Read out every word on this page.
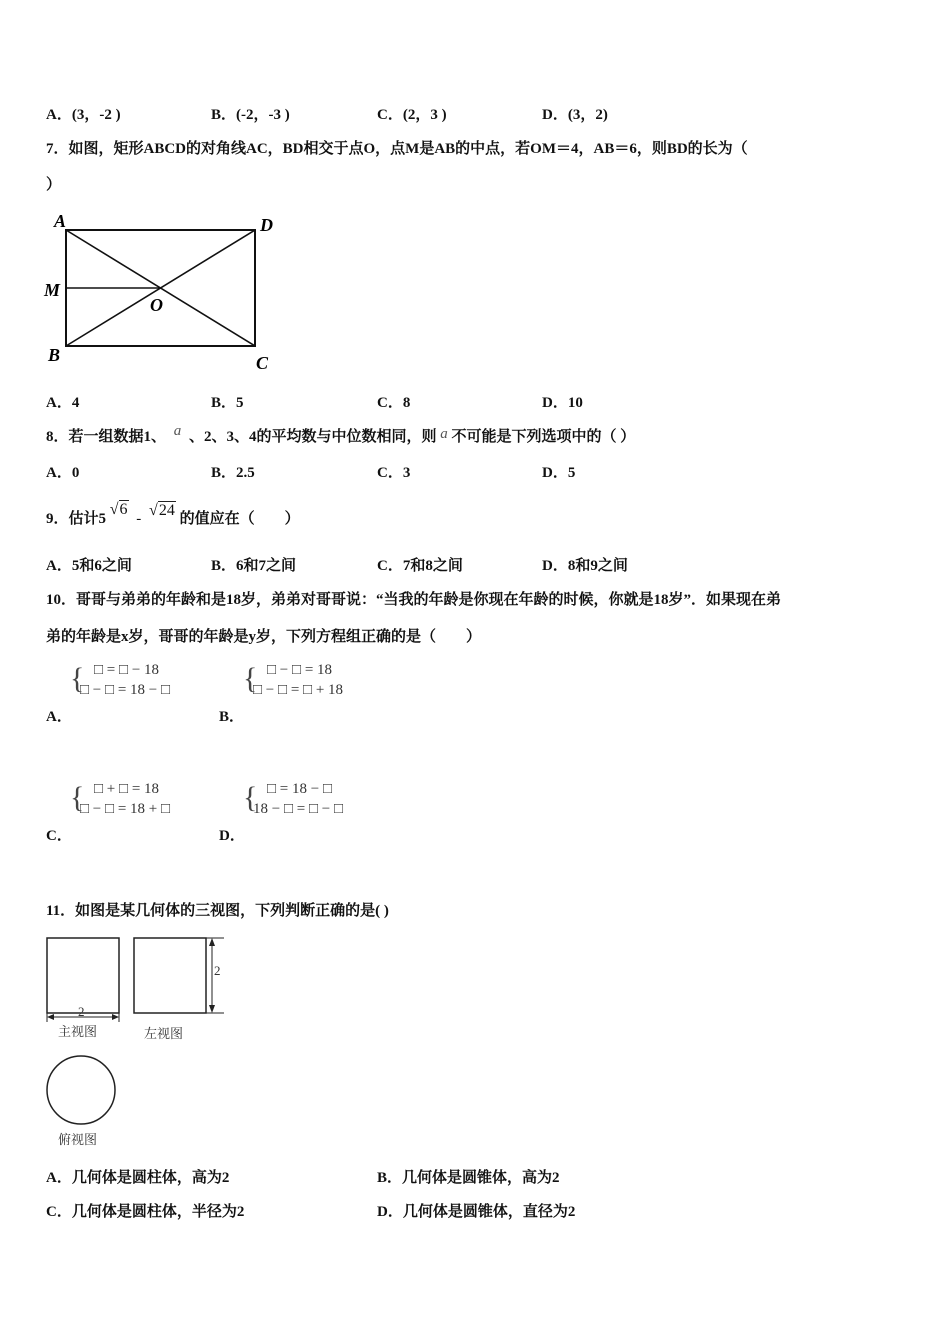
A．(3，-2 )	B．(-2，-3 )	C．(2，3 )	D．(3，2)
7．如图，矩形ABCD的对角线AC，BD相交于点O，点M是AB的中点，若OM＝4，AB＝6，则BD的长为（
）
A	D
M
O
B	C
A．4	B．5	C．8	D．10
8．若一组数据1、 a 、2、3、4的平均数与中位数相同，则 a 不可能是下列选项中的（ ）
A．0	B．2.5	C．3	D．5
9．估计5 √6 - √24 的值应在（　　）
A．5和6之间	B．6和7之间	C．7和8之间	D．8和9之间
10．哥哥与弟弟的年龄和是18岁，弟弟对哥哥说：“当我的年龄是你现在年龄的时候，你就是18岁”．如果现在弟
弟的年龄是x岁，哥哥的年龄是y岁，下列方程组正确的是（　　）
{ □ = □ − 18
□ − □ = 18 − □
A．
{ □ − □ = 18
□ − □ = □ + 18
B．
{ □ + □ = 18
□ − □ = 18 + □
C．
{ □ = 18 − □
18 − □ = □ − □
D．
11．如图是某几何体的三视图，下列判断正确的是( )
2
主视图
2
左视图
俯视图
A．几何体是圆柱体，高为2	B．几何体是圆锥体，高为2
C．几何体是圆柱体，半径为2	D．几何体是圆锥体，直径为2
